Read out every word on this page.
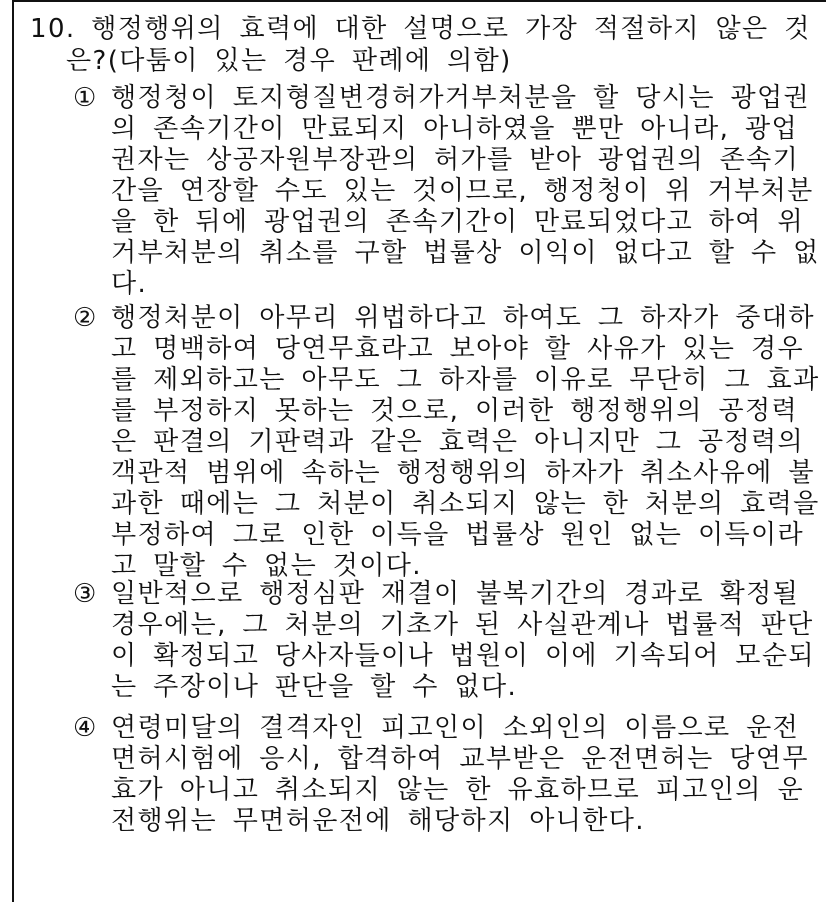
10. 행정행위의 효력에 대한 설명으로 가장 적절하지 않은 것

은?(다툼이 있는 경우 판례에 의함)

① 행정청이 토지형질변경허가거부처분을 할 당시는 광업권

의 존속기간이 만료되지 아니하였을 뿐만 아니라, 광업

권자는 상공자원부장관의 허가를 받아 광업권의 존속기

간을 연장할 수도 있는 것이므로, 행정청이 위 거부처분

을 한 뒤에 광업권의 존속기간이 만료되었다고 하여 위

거부처분의 취소를 구할 법률상 이익이 없다고 할 수 없

다.

② 행정처분이 아무리 위법하다고 하여도 그 하자가 중대하

고 명백하여 당연무효라고 보아야 할 사유가 있는 경우

를 제외하고는 아무도 그 하자를 이유로 무단히 그 효과

를 부정하지 못하는 것으로, 이러한 행정행위의 공정력

은 판결의 기판력과 같은 효력은 아니지만 그 공정력의

객관적 범위에 속하는 행정행위의 하자가 취소사유에 불

과한 때에는 그 처분이 취소되지 않는 한 처분의 효력을

부정하여 그로 인한 이득을 법률상 원인 없는 이득이라

고 말할 수 없는 것이다.

③ 일반적으로 행정심판 재결이 불복기간의 경과로 확정될

경우에는, 그 처분의 기초가 된 사실관계나 법률적 판단

이 확정되고 당사자들이나 법원이 이에 기속되어 모순되

는 주장이나 판단을 할 수 없다.

④ 연령미달의 결격자인 피고인이 소외인의 이름으로 운전

면허시험에 응시, 합격하여 교부받은 운전면허는 당연무

효가 아니고 취소되지 않는 한 유효하므로 피고인의 운

전행위는 무면허운전에 해당하지 아니한다.
